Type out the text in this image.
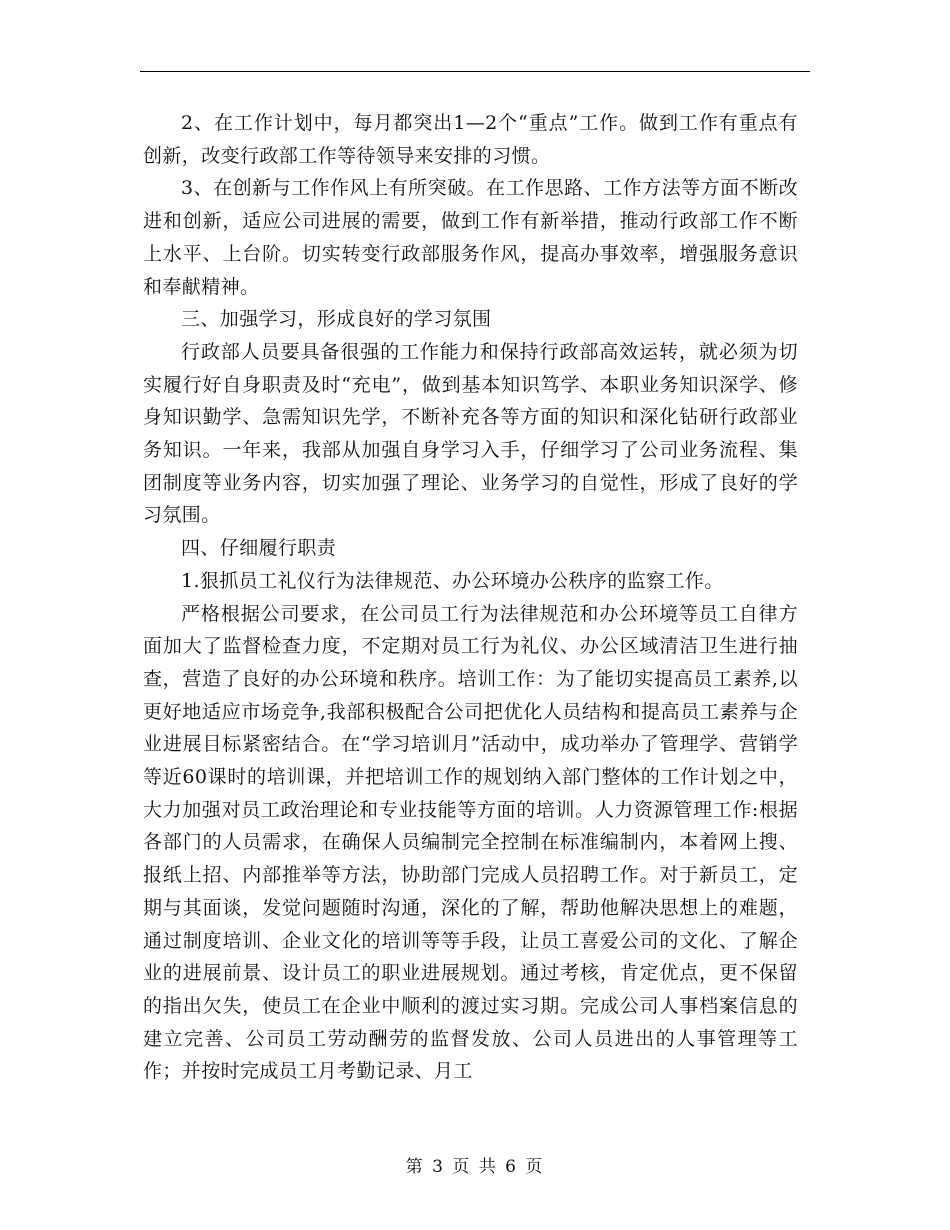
2、在工作计划中，每月都突出1—2个“重点”工作。做到工作有重点有创新，改变行政部工作等待领导来安排的习惯。

3、在创新与工作作风上有所突破。在工作思路、工作方法等方面不断改进和创新，适应公司进展的需要，做到工作有新举措，推动行政部工作不断上水平、上台阶。切实转变行政部服务作风，提高办事效率，增强服务意识和奉献精神。

三、加强学习，形成良好的学习氛围

行政部人员要具备很强的工作能力和保持行政部高效运转，就必须为切实履行好自身职责及时“充电”，做到基本知识笃学、本职业务知识深学、修身知识勤学、急需知识先学，不断补充各等方面的知识和深化钻研行政部业务知识。一年来，我部从加强自身学习入手，仔细学习了公司业务流程、集团制度等业务内容，切实加强了理论、业务学习的自觉性，形成了良好的学习氛围。

四、仔细履行职责

1.狠抓员工礼仪行为法律规范、办公环境办公秩序的监察工作。

严格根据公司要求，在公司员工行为法律规范和办公环境等员工自律方面加大了监督检查力度，不定期对员工行为礼仪、办公区域清洁卫生进行抽查，营造了良好的办公环境和秩序。培训工作：为了能切实提高员工素养,以更好地适应市场竞争,我部积极配合公司把优化人员结构和提高员工素养与企业进展目标紧密结合。在“学习培训月”活动中，成功举办了管理学、营销学等近60课时的培训课，并把培训工作的规划纳入部门整体的工作计划之中，大力加强对员工政治理论和专业技能等方面的培训。人力资源管理工作:根据各部门的人员需求，在确保人员编制完全控制在标准编制内，本着网上搜、报纸上招、内部推举等方法，协助部门完成人员招聘工作。对于新员工，定期与其面谈，发觉问题随时沟通，深化的了解，帮助他解决思想上的难题，通过制度培训、企业文化的培训等等手段，让员工喜爱公司的文化、了解企业的进展前景、设计员工的职业进展规划。通过考核，肯定优点，更不保留的指出欠失，使员工在企业中顺利的渡过实习期。完成公司人事档案信息的建立完善、公司员工劳动酬劳的监督发放、公司人员进出的人事管理等工作；并按时完成员工月考勤记录、月工

第 3 页 共 6 页
